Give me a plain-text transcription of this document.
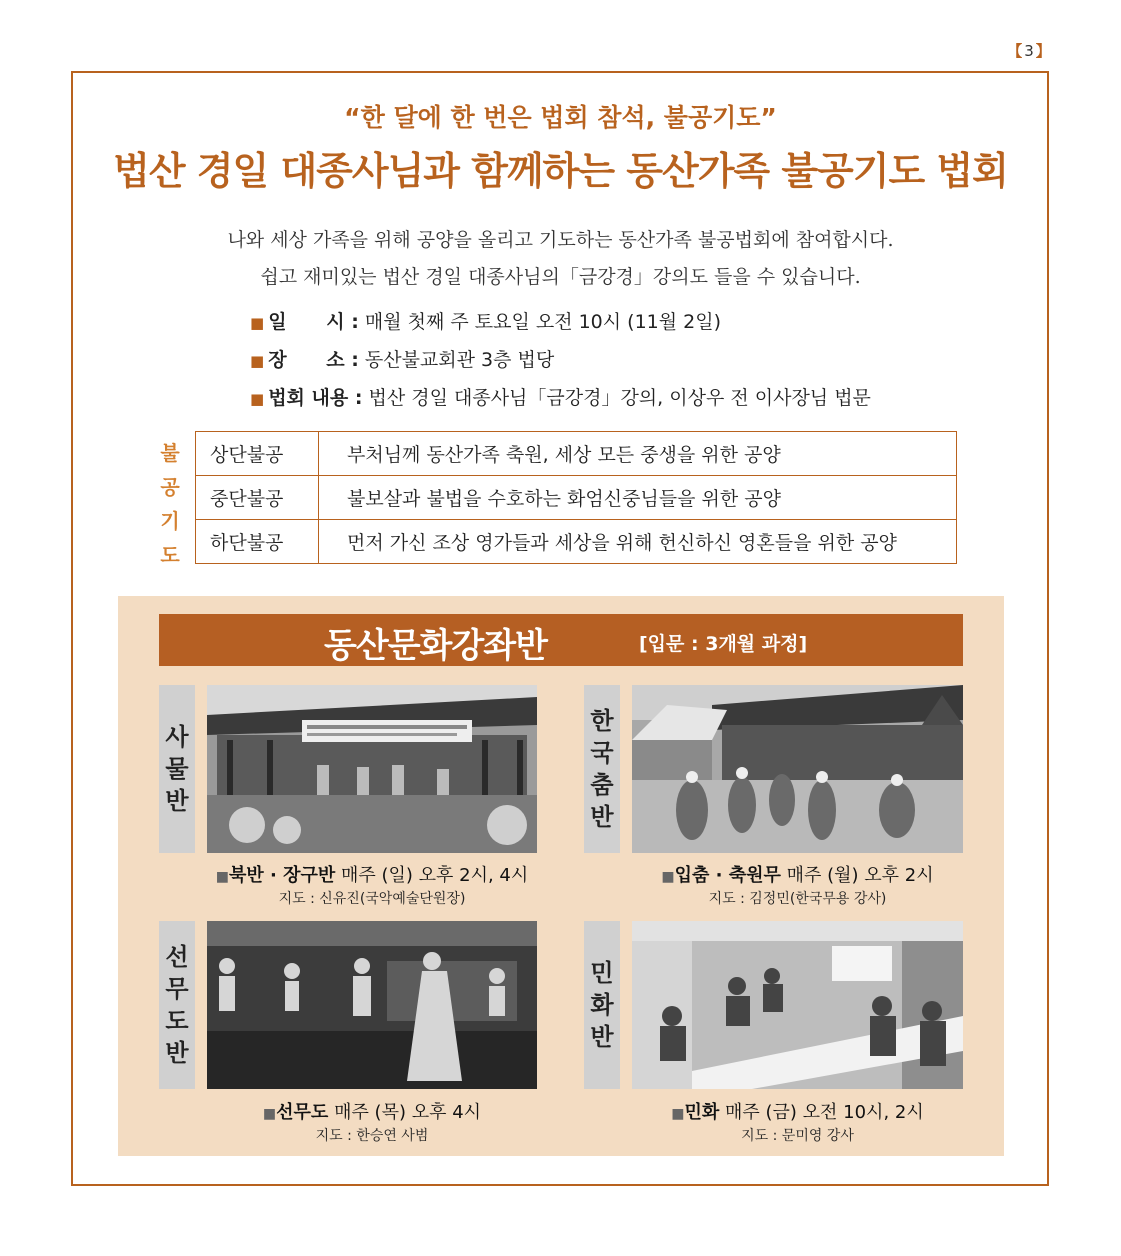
【3】
“한 달에 한 번은 법회 참석, 불공기도”
법산 경일 대종사님과 함께하는 동산가족 불공기도 법회
나와 세상 가족을 위해 공양을 올리고 기도하는 동산가족 불공법회에 참여합시다.
쉽고 재미있는 법산 경일 대종사님의「금강경」강의도 들을 수 있습니다.
■ 일      시 : 매월 첫째 주 토요일 오전 10시 (11월 2일)
■ 장      소 : 동산불교회관 3층 법당
■ 법회 내용 : 법산 경일 대종사님「금강경」강의, 이상우 전 이사장님 법문
불
공
기
도
상단불공	부처님께 동산가족 축원, 세상 모든 중생을 위한 공양
중단불공	불보살과 불법을 수호하는 화엄신중님들을 위한 공양
하단불공	먼저 가신 조상 영가들과 세상을 위해 헌신하신 영혼들을 위한 공양
동산문화강좌반	[입문 : 3개월 과정]
사
물
반
■북반 · 장구반 매주 (일) 오후 2시, 4시
지도 : 신유진(국악예술단원장)
한
국
춤
반
■입춤 · 축원무 매주 (월) 오후 2시
지도 : 김정민(한국무용 강사)
선
무
도
반
■선무도 매주 (목) 오후 4시
지도 : 한승연 사범
민
화
반
■민화 매주 (금) 오전 10시, 2시
지도 : 문미영 강사
